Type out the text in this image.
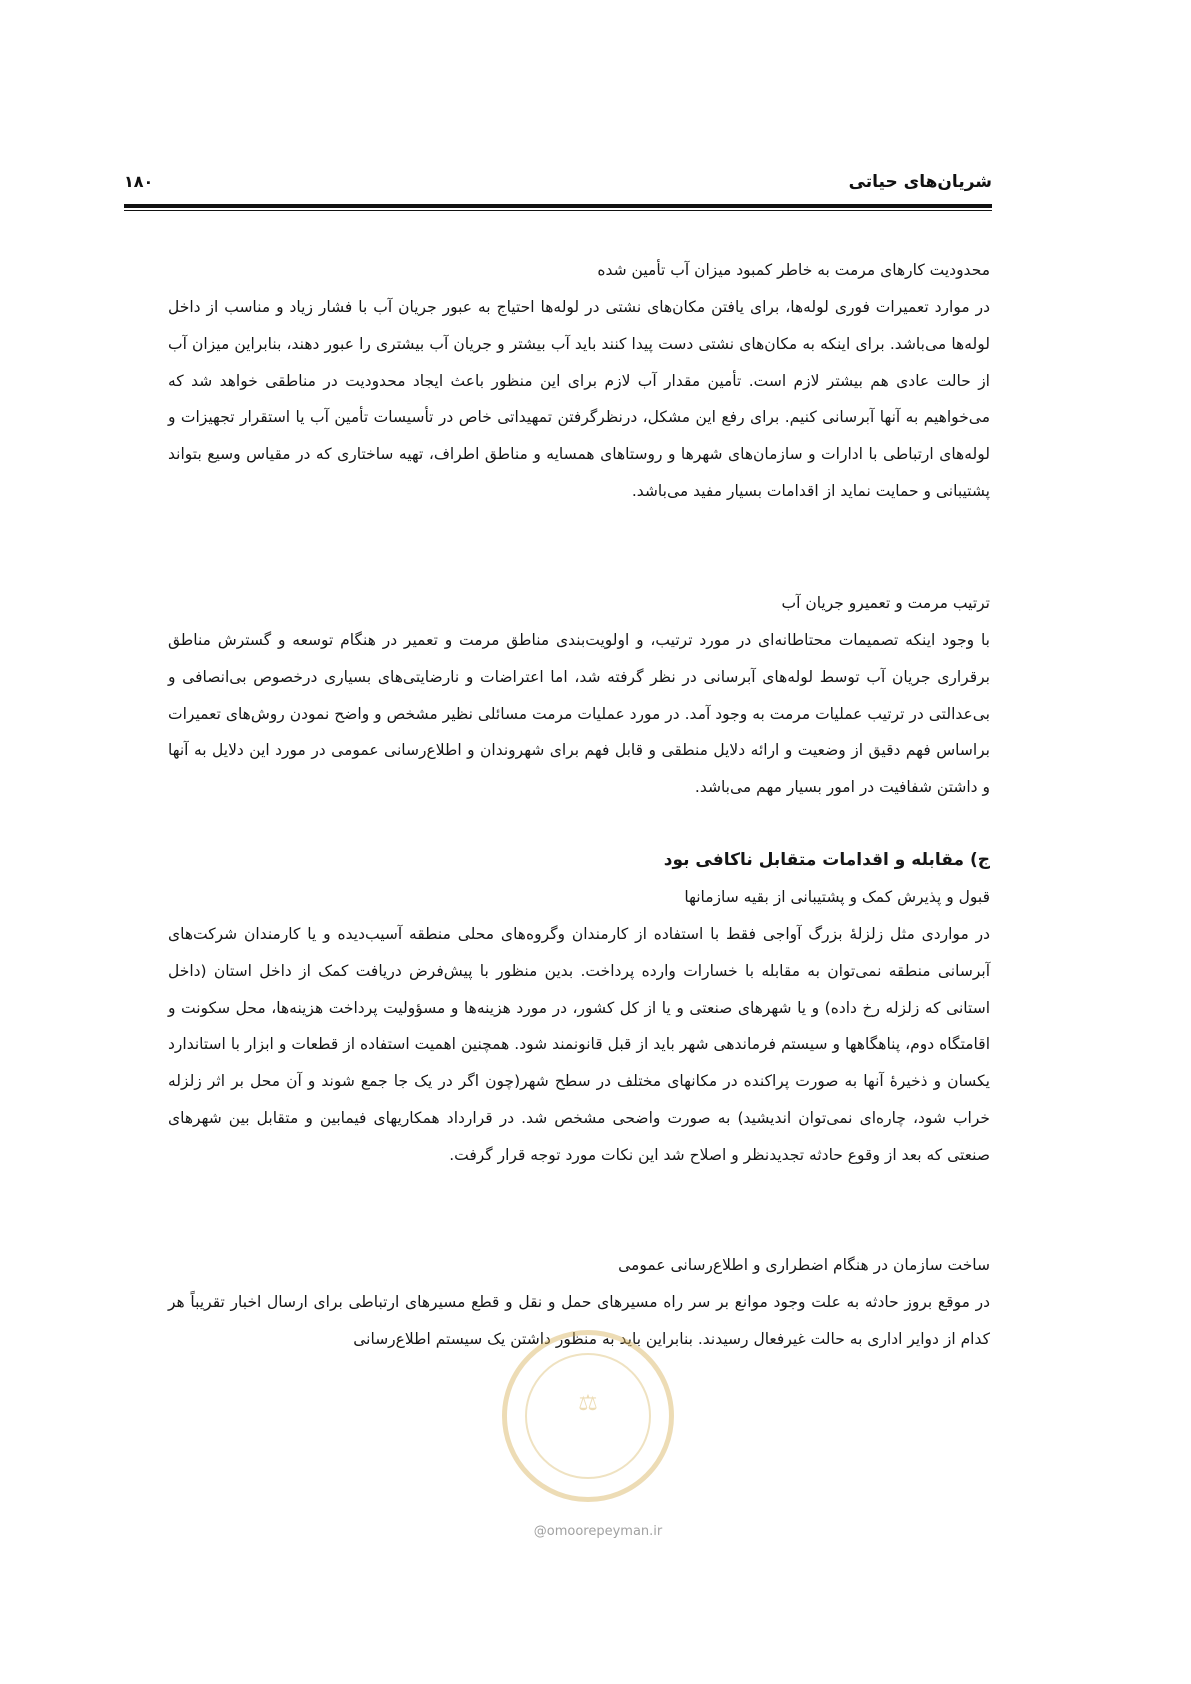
شریان‌های حیاتی
۱۸۰

محدودیت کارهای مرمت به خاطر کمبود میزان آب تأمین شده

در موارد تعمیرات فوری لوله‌ها، برای یافتن مکان‌های نشتی در لوله‌ها احتیاج به عبور جریان آب با فشار زیاد و مناسب از داخل لوله‌ها می‌باشد. برای اینکه به مکان‌های نشتی دست پیدا کنند باید آب بیشتر و جریان آب بیشتری را عبور دهند، بنابراین میزان آب از حالت عادی هم بیشتر لازم است. تأمین مقدار آب لازم برای این منظور باعث ایجاد محدودیت در مناطقی خواهد شد که می‌خواهیم به آنها آبرسانی کنیم. برای رفع این مشکل، درنظرگرفتن تمهیداتی خاص در تأسیسات تأمین آب یا استقرار تجهیزات و لوله‌های ارتباطی با ادارات و سازمان‌های شهرها و روستاهای همسایه و مناطق اطراف، تهیه ساختاری که در مقیاس وسیع بتواند پشتیبانی و حمایت نماید از اقدامات بسیار مفید می‌باشد.

ترتیب مرمت و تعمیرو جریان آب

با وجود اینکه تصمیمات محتاطانه‌ای در مورد ترتیب، و اولویت‌بندی مناطق مرمت و تعمیر در هنگام توسعه و گسترش مناطق برقراری جریان آب توسط لوله‌های آبرسانی در نظر گرفته شد، اما اعتراضات و نارضایتی‌های بسیاری درخصوص بی‌انصافی و بی‌عدالتی در ترتیب عملیات مرمت به وجود آمد. در مورد عملیات مرمت مسائلی نظیر مشخص و واضح نمودن روش‌های تعمیرات براساس فهم دقیق از وضعیت و ارائه دلایل منطقی و قابل فهم برای شهروندان و اطلاع‌رسانی عمومی در مورد این دلایل به آنها و داشتن شفافیت در امور بسیار مهم می‌باشد.

ج) مقابله و اقدامات متقابل ناکافی بود

قبول و پذیرش کمک و پشتیبانی از بقیه سازمانها

در مواردی مثل زلزلهٔ بزرگ آواجی فقط با استفاده از کارمندان وگروه‌های محلی منطقه آسیب‌دیده و یا کارمندان شرکت‌های آبرسانی منطقه نمی‌توان به مقابله با خسارات وارده پرداخت. بدین منظور با پیش‌فرض دریافت کمک از داخل استان (داخل استانی که زلزله رخ داده) و یا شهرهای صنعتی و یا از کل کشور، در مورد هزینه‌ها و مسؤولیت پرداخت هزینه‌ها، محل سکونت و اقامتگاه دوم، پناهگاهها و سیستم فرماندهی شهر باید از قبل قانونمند شود. همچنین اهمیت استفاده از قطعات و ابزار با استاندارد یکسان و ذخیرهٔ آنها به صورت پراکنده در مکانهای مختلف در سطح شهر(چون اگر در یک جا جمع شوند و آن محل بر اثر زلزله خراب شود، چاره‌ای نمی‌توان اندیشید) به صورت واضحی مشخص شد. در قرارداد همکاریهای فیمابین و متقابل بین شهرهای صنعتی که بعد از وقوع حادثه تجدیدنظر و اصلاح شد این نکات مورد توجه قرار گرفت.

ساخت سازمان در هنگام اضطراری و اطلاع‌رسانی عمومی

در موقع بروز حادثه به علت وجود موانع بر سر راه مسیرهای حمل و نقل و قطع مسیرهای ارتباطی برای ارسال اخبار تقریباً هر کدام از دوایر اداری به حالت غیرفعال رسیدند. بنابراین باید به منظور داشتن یک سیستم اطلاع‌رسانی

⚖
@omoorepeyman.ir
